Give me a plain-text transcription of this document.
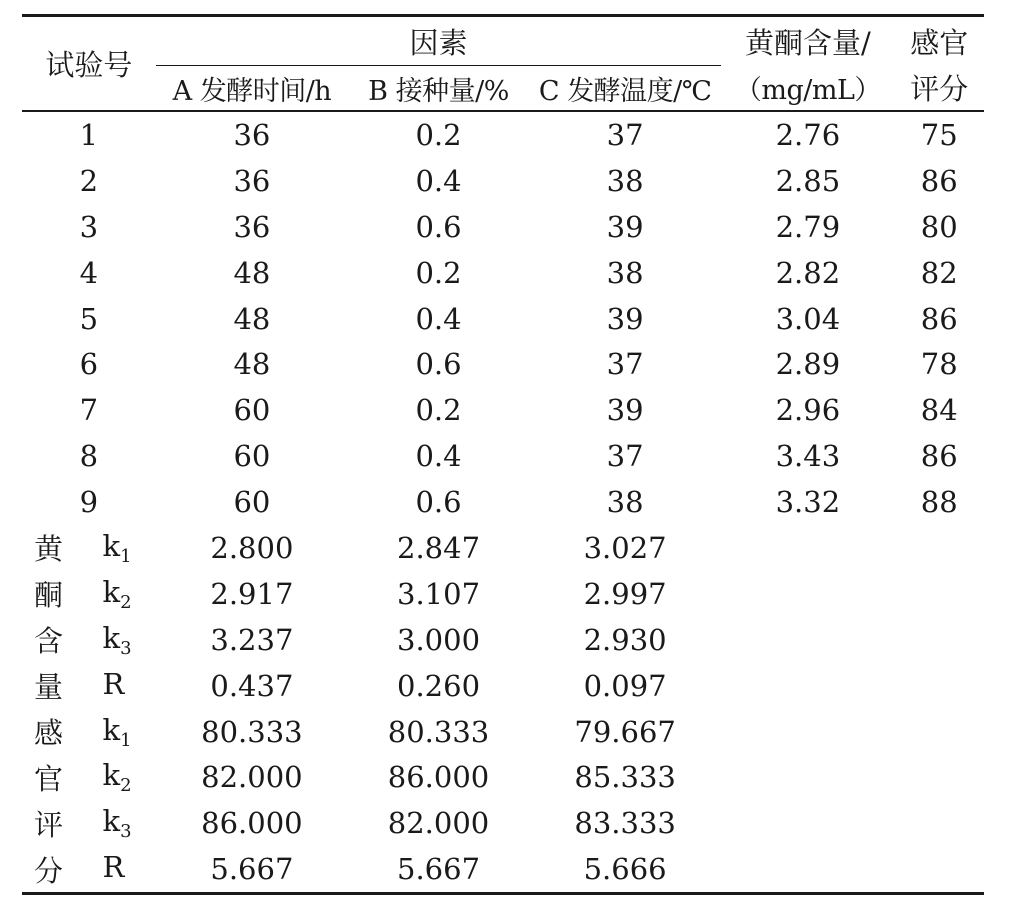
试验号		因素			黄酮含量/	感官
		A 发酵时间/h	B 接种量/%	C 发酵温度/℃	（mg/mL）	评分
1		36	0.2	37	2.76	75
2		36	0.4	38	2.85	86
3		36	0.6	39	2.79	80
4		48	0.2	38	2.82	82
5		48	0.4	39	3.04	86
6		48	0.6	37	2.89	78
7		60	0.2	39	2.96	84
8		60	0.4	37	3.43	86
9		60	0.6	38	3.32	88
黄	$k_1$	2.800	2.847	3.027		
酮	$k_2$	2.917	3.107	2.997		
含	$k_3$	3.237	3.000	2.930		
量	R	0.437	0.260	0.097		
感	$k_1$	80.333	80.333	79.667		
官	$k_2$	82.000	86.000	85.333		
评	$k_3$	86.000	82.000	83.333		
分	R	5.667	5.667	5.666		
